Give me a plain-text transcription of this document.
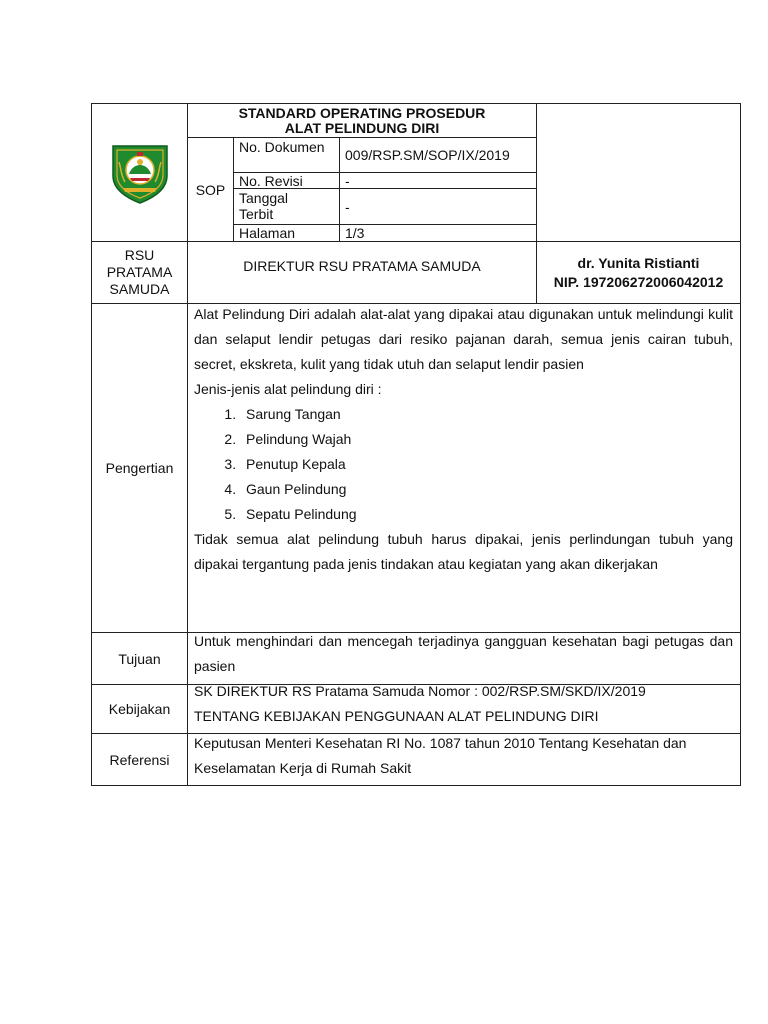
STANDARD OPERATING PROSEDUR
ALAT PELINDUNG DIRI
SOP
No. Dokumen	009/RSP.SM/SOP/IX/2019
No. Revisi	-
Tanggal Terbit	-
Halaman	1/3
RSU PRATAMA SAMUDA
DIREKTUR RSU PRATAMA SAMUDA	dr. Yunita Ristianti
NIP. 197206272006042012
Pengertian
Alat Pelindung Diri adalah alat-alat yang dipakai atau digunakan untuk melindungi kulit dan selaput lendir petugas dari resiko pajanan darah, semua jenis cairan tubuh, secret, ekskreta, kulit yang tidak utuh dan selaput lendir pasien
Jenis-jenis alat pelindung diri :
1. Sarung Tangan
2. Pelindung Wajah
3. Penutup Kepala
4. Gaun Pelindung
5. Sepatu Pelindung
Tidak semua alat pelindung tubuh harus dipakai, jenis perlindungan tubuh yang dipakai tergantung pada jenis tindakan atau kegiatan yang akan dikerjakan
Tujuan
Untuk menghindari dan mencegah terjadinya gangguan kesehatan bagi petugas dan pasien
Kebijakan
SK DIREKTUR RS Pratama Samuda Nomor : 002/RSP.SM/SKD/IX/2019
TENTANG KEBIJAKAN PENGGUNAAN ALAT PELINDUNG DIRI
Referensi
Keputusan Menteri Kesehatan RI No. 1087 tahun 2010 Tentang Kesehatan dan Keselamatan Kerja di Rumah Sakit
